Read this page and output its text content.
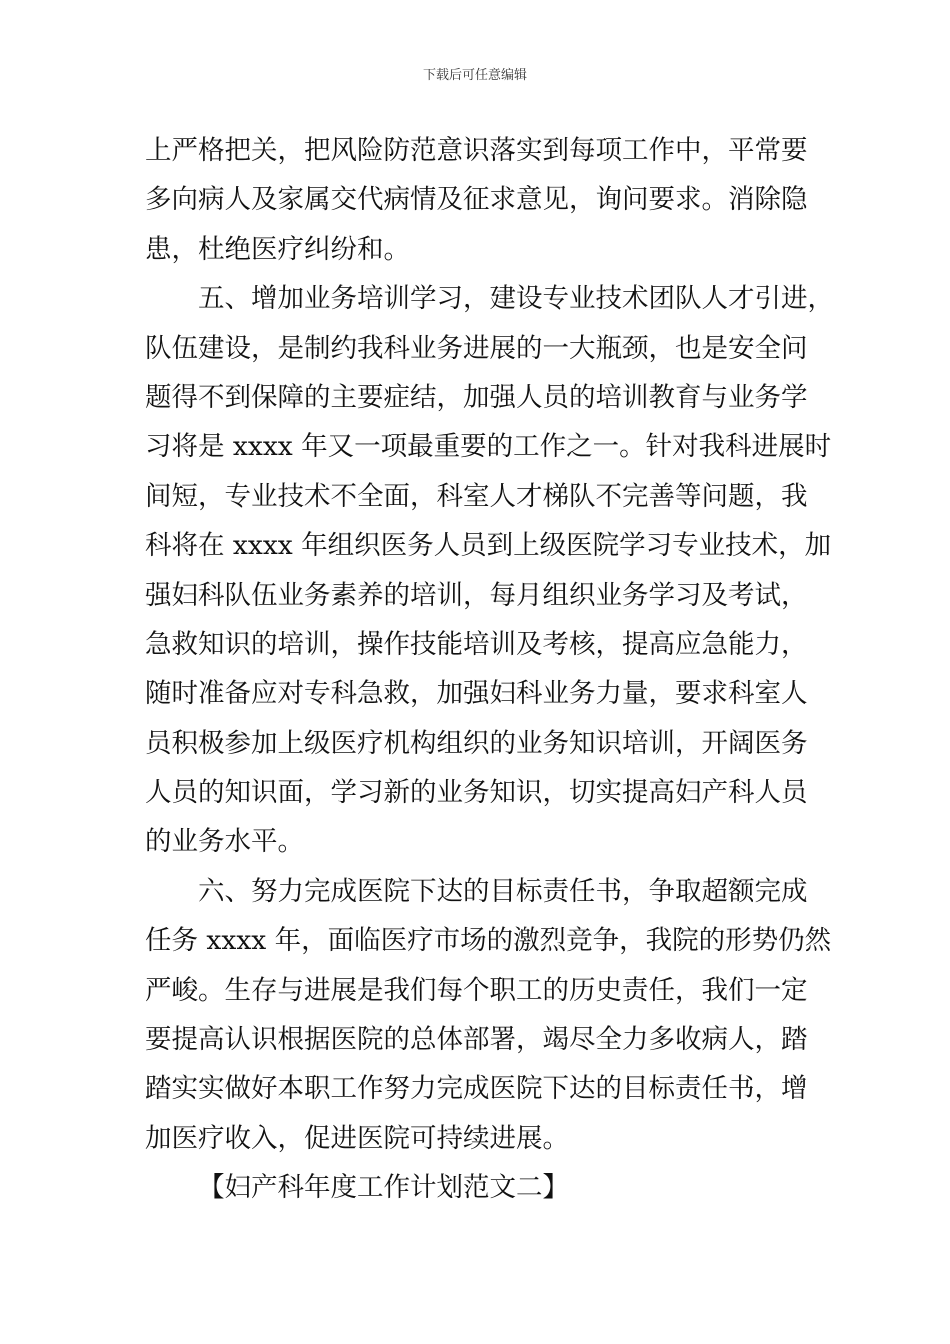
下载后可任意编辑
上严格把关，把风险防范意识落实到每项工作中，平常要
多向病人及家属交代病情及征求意见，询问要求。消除隐
患，杜绝医疗纠纷和。
五、增加业务培训学习，建设专业技术团队人才引进，
队伍建设，是制约我科业务进展的一大瓶颈，也是安全问
题得不到保障的主要症结，加强人员的培训教育与业务学
习将是 xxxx 年又一项最重要的工作之一。针对我科进展时
间短，专业技术不全面，科室人才梯队不完善等问题，我
科将在 xxxx 年组织医务人员到上级医院学习专业技术，加
强妇科队伍业务素养的培训，每月组织业务学习及考试，
急救知识的培训，操作技能培训及考核，提高应急能力，
随时准备应对专科急救，加强妇科业务力量，要求科室人
员积极参加上级医疗机构组织的业务知识培训，开阔医务
人员的知识面，学习新的业务知识，切实提高妇产科人员
的业务水平。
六、努力完成医院下达的目标责任书，争取超额完成
任务 xxxx 年，面临医疗市场的激烈竞争，我院的形势仍然
严峻。生存与进展是我们每个职工的历史责任，我们一定
要提高认识根据医院的总体部署，竭尽全力多收病人，踏
踏实实做好本职工作努力完成医院下达的目标责任书，增
加医疗收入，促进医院可持续进展。
【妇产科年度工作计划范文二】
